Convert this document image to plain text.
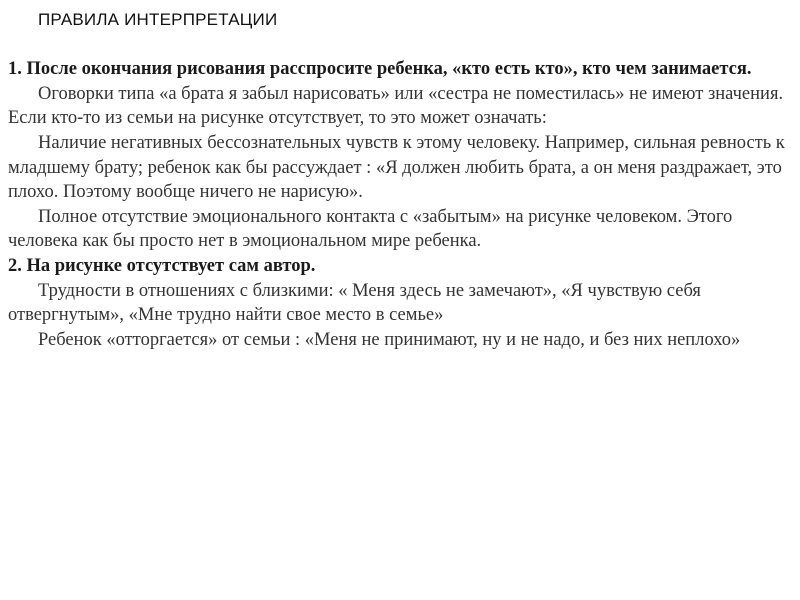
ПРАВИЛА ИНТЕРПРЕТАЦИИ

1. После окончания рисования расспросите ребенка, «кто есть кто», кто чем занимается.

Оговорки типа «а брата я забыл нарисовать» или «сестра не поместилась» не имеют значения. Если кто-то из семьи на рисунке отсутствует, то это может означать:

Наличие негативных бессознательных чувств к этому человеку. Например, сильная ревность к младшему брату; ребенок как бы рассуждает : «Я должен любить брата, а он меня раздражает, это плохо. Поэтому вообще ничего не нарисую».

Полное отсутствие эмоционального контакта с «забытым» на рисунке человеком. Этого человека как бы просто нет в эмоциональном мире ребенка.

2. На рисунке отсутствует сам автор.

Трудности в отношениях с близкими: « Меня здесь не замечают», «Я чувствую себя отвергнутым», «Мне трудно найти свое место в семье»

Ребенок «отторгается» от семьи : «Меня не принимают, ну и не надо, и без них неплохо»
